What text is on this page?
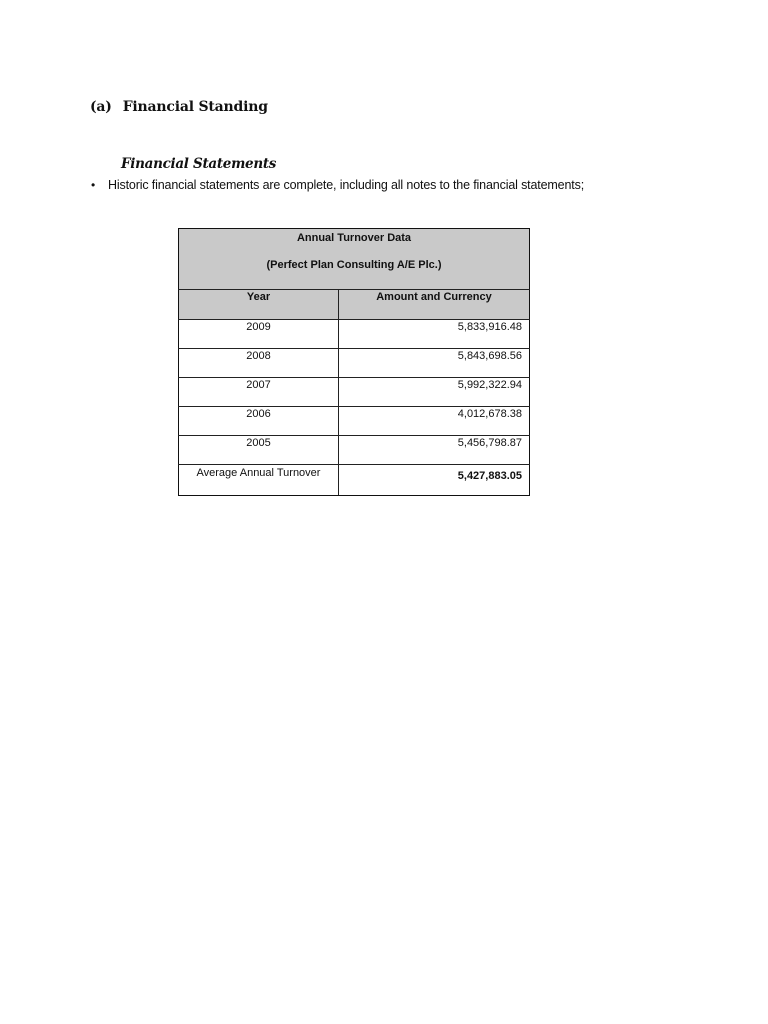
(a) Financial Standing
Financial Statements
• Historic financial statements are complete, including all notes to the financial statements;
Annual Turnover Data
(Perfect Plan Consulting A/E Plc.)	

Year	Amount and Currency
2009	5,833,916.48
2008	5,843,698.56
2007	5,992,322.94
2006	4,012,678.38
2005	5,456,798.87
Average Annual Turnover	5,427,883.05
